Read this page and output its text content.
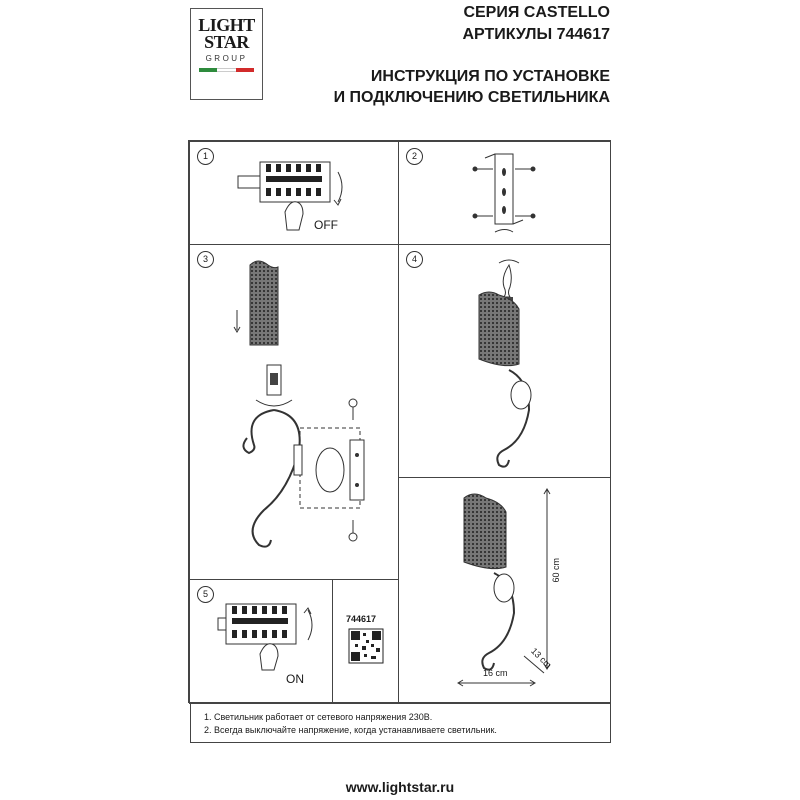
LIGHT
STAR
GROUP
СЕРИЯ CASTELLO
АРТИКУЛЫ 744617
ИНСТРУКЦИЯ ПО УСТАНОВКЕ
И ПОДКЛЮЧЕНИЮ СВЕТИЛЬНИКА
1
OFF
2
3	4
60 cm
16 cm
13 cm
5
ON
744617
1. Светильник работает от сетевого напряжения 230В.
2. Всегда выключайте напряжение, когда устанавливаете светильник.
www.lightstar.ru
